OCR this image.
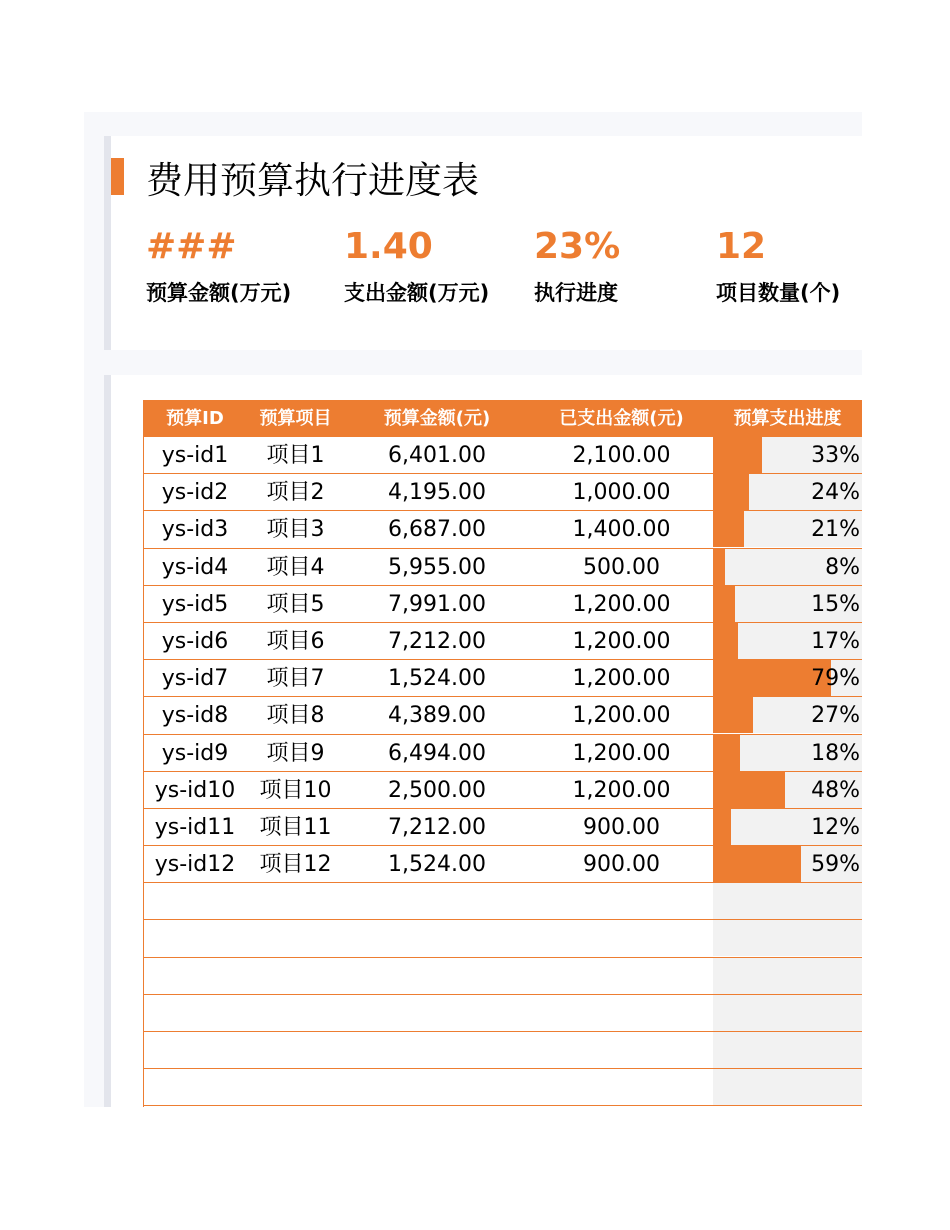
费用预算执行进度表
###	1.40	23%	12
预算金额(万元)	支出金额(万元) 执行进度	项目数量(个)
预算ID	预算项目	预算金额(元)	已支出金额(元)	预算支出进度
ys-id1	项目1	6,401.00	2,100.00	33%
ys-id2	项目2	4,195.00	1,000.00	24%
ys-id3	项目3	6,687.00	1,400.00	21%
ys-id4	项目4	5,955.00	500.00	8%
ys-id5	项目5	7,991.00	1,200.00	15%
ys-id6	项目6	7,212.00	1,200.00	17%
ys-id7	项目7	1,524.00	1,200.00	79%
ys-id8	项目8	4,389.00	1,200.00	27%
ys-id9	项目9	6,494.00	1,200.00	18%
ys-id10	项目10	2,500.00	1,200.00	48%
ys-id11	项目11	7,212.00	900.00	12%
ys-id12	项目12	1,524.00	900.00	59%
